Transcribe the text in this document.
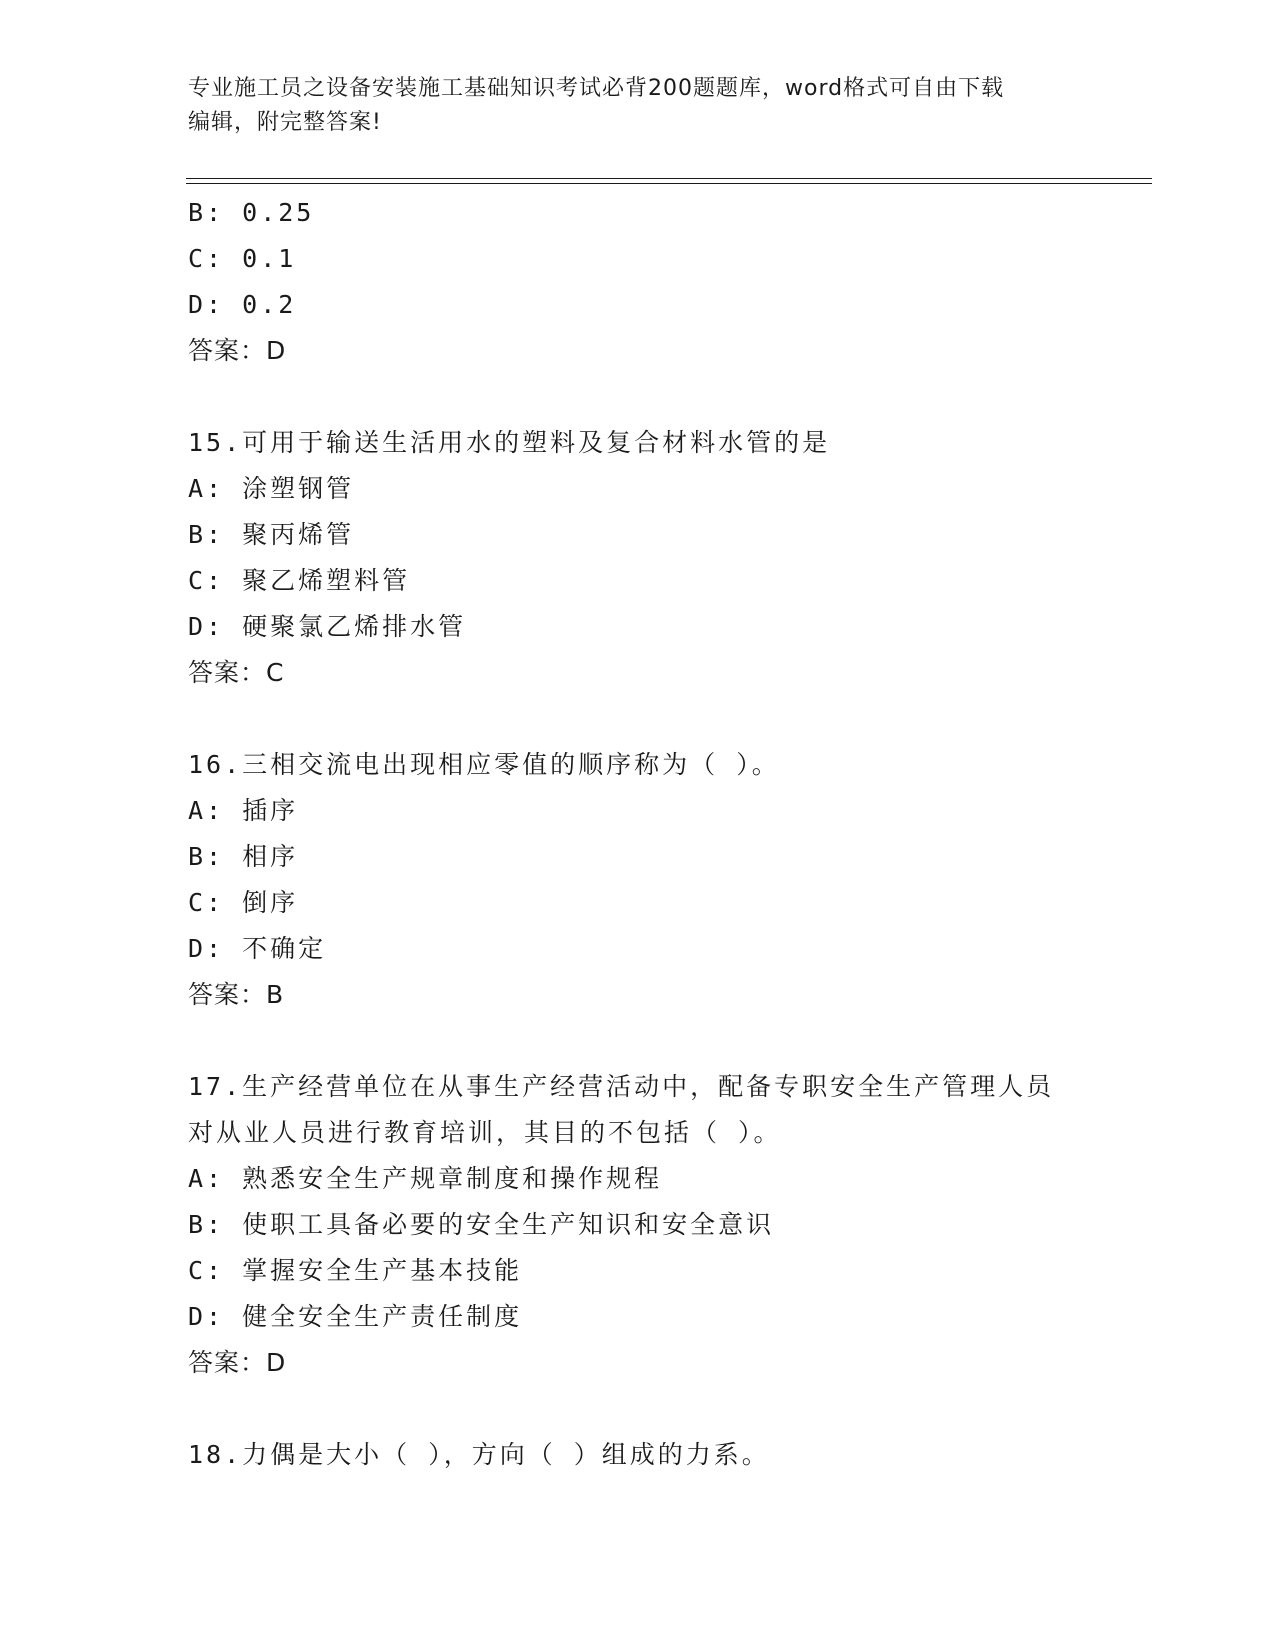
专业施工员之设备安装施工基础知识考试必背200题题库，word格式可自由下载
编辑，附完整答案!
B: 0.25
C: 0.1
D: 0.2
答案：D
15.可用于输送生活用水的塑料及复合材料水管的是
A: 涂塑钢管
B: 聚丙烯管
C: 聚乙烯塑料管
D: 硬聚氯乙烯排水管
答案：C
16.三相交流电出现相应零值的顺序称为（ ）。
A: 插序
B: 相序
C: 倒序
D: 不确定
答案：B
17.生产经营单位在从事生产经营活动中，配备专职安全生产管理人员
对从业人员进行教育培训，其目的不包括（ ）。
A: 熟悉安全生产规章制度和操作规程
B: 使职工具备必要的安全生产知识和安全意识
C: 掌握安全生产基本技能
D: 健全安全生产责任制度
答案：D
18.力偶是大小（ ），方向（ ）组成的力系。
